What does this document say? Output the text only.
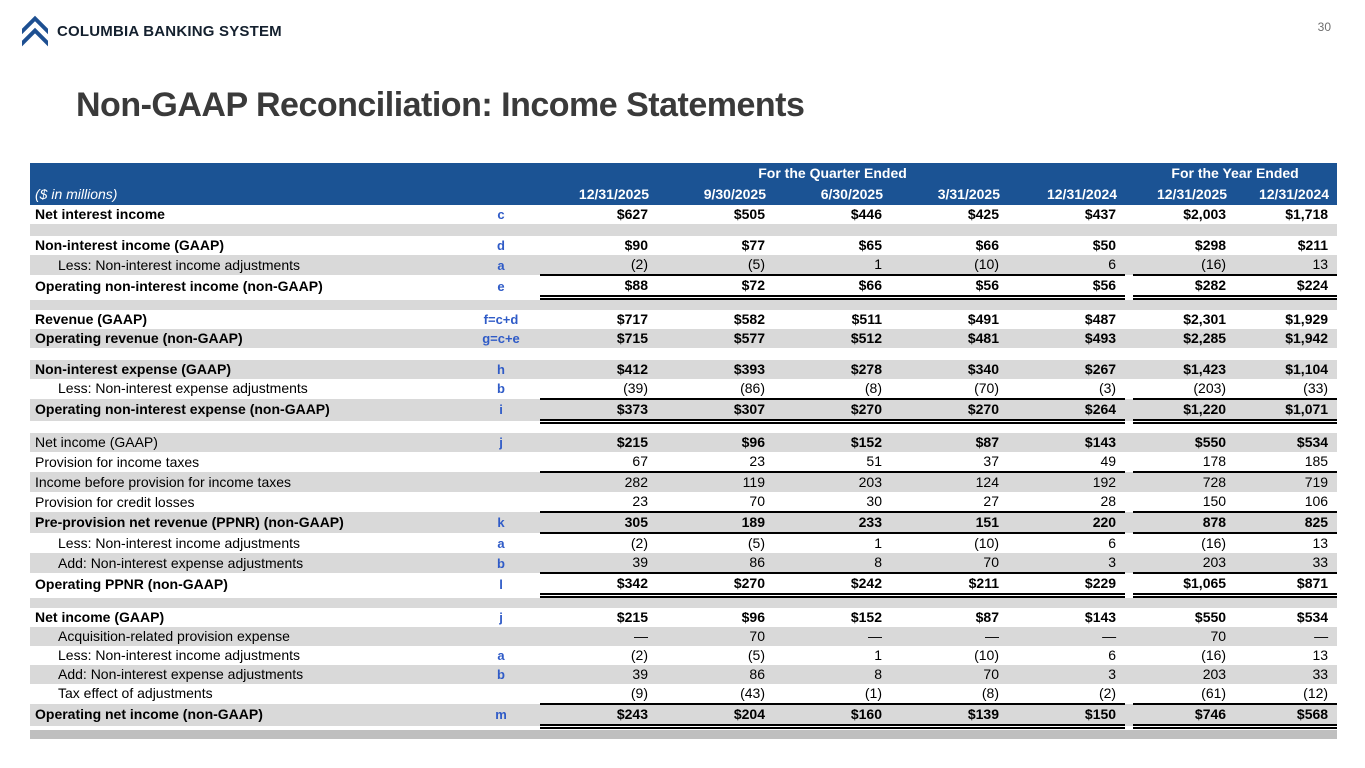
COLUMBIA BANKING SYSTEM	30
Non-GAAP Reconciliation: Income Statements
		For the Quarter Ended						For the Year Ended	
($ in millions)		12/31/2025	9/30/2025	6/30/2025	3/31/2025	12/31/2024		12/31/2025	12/31/2024
Net interest income	c	$627	$505	$446	$425	$437		$2,003	$1,718

Non-interest income (GAAP)	d	$90	$77	$65	$66	$50		$298	$211
Less: Non-interest income adjustments	a	(2)	(5)	1	(10)	6		(16)	13
Operating non-interest income (non-GAAP)	e	$88	$72	$66	$56	$56		$282	$224

Revenue (GAAP)	f=c+d	$717	$582	$511	$491	$487		$2,301	$1,929
Operating revenue (non-GAAP)	g=c+e	$715	$577	$512	$481	$493		$2,285	$1,942

Non-interest expense (GAAP)	h	$412	$393	$278	$340	$267		$1,423	$1,104
Less: Non-interest expense adjustments	b	(39)	(86)	(8)	(70)	(3)		(203)	(33)
Operating non-interest expense (non-GAAP)	i	$373	$307	$270	$270	$264		$1,220	$1,071

Net income (GAAP)	j	$215	$96	$152	$87	$143		$550	$534
Provision for income taxes		67	23	51	37	49		178	185
Income before provision for income taxes		282	119	203	124	192		728	719
Provision for credit losses		23	70	30	27	28		150	106
Pre-provision net revenue (PPNR) (non-GAAP)	k	305	189	233	151	220		878	825
Less: Non-interest income adjustments	a	(2)	(5)	1	(10)	6		(16)	13
Add: Non-interest expense adjustments	b	39	86	8	70	3		203	33
Operating PPNR (non-GAAP)	l	$342	$270	$242	$211	$229		$1,065	$871

Net income (GAAP)	j	$215	$96	$152	$87	$143		$550	$534
Acquisition-related provision expense		—	70	—	—	—		70	—
Less: Non-interest income adjustments	a	(2)	(5)	1	(10)	6		(16)	13
Add: Non-interest expense adjustments	b	39	86	8	70	3		203	33
Tax effect of adjustments		(9)	(43)	(1)	(8)	(2)		(61)	(12)
Operating net income (non-GAAP)	m	$243	$204	$160	$139	$150		$746	$568
